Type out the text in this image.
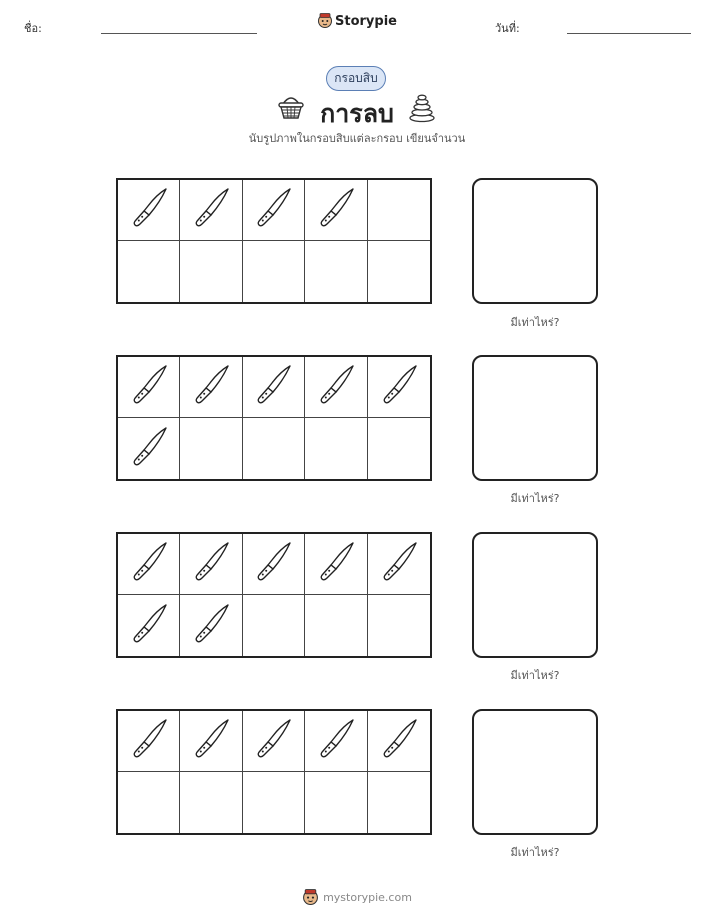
ชื่อ:	Storypie	วันที่:
กรอบสิบ
การลบ
นับรูปภาพในกรอบสิบแต่ละกรอบ เขียนจำนวน
มีเท่าไหร่?
มีเท่าไหร่?
มีเท่าไหร่?
มีเท่าไหร่?
mystorypie.com
